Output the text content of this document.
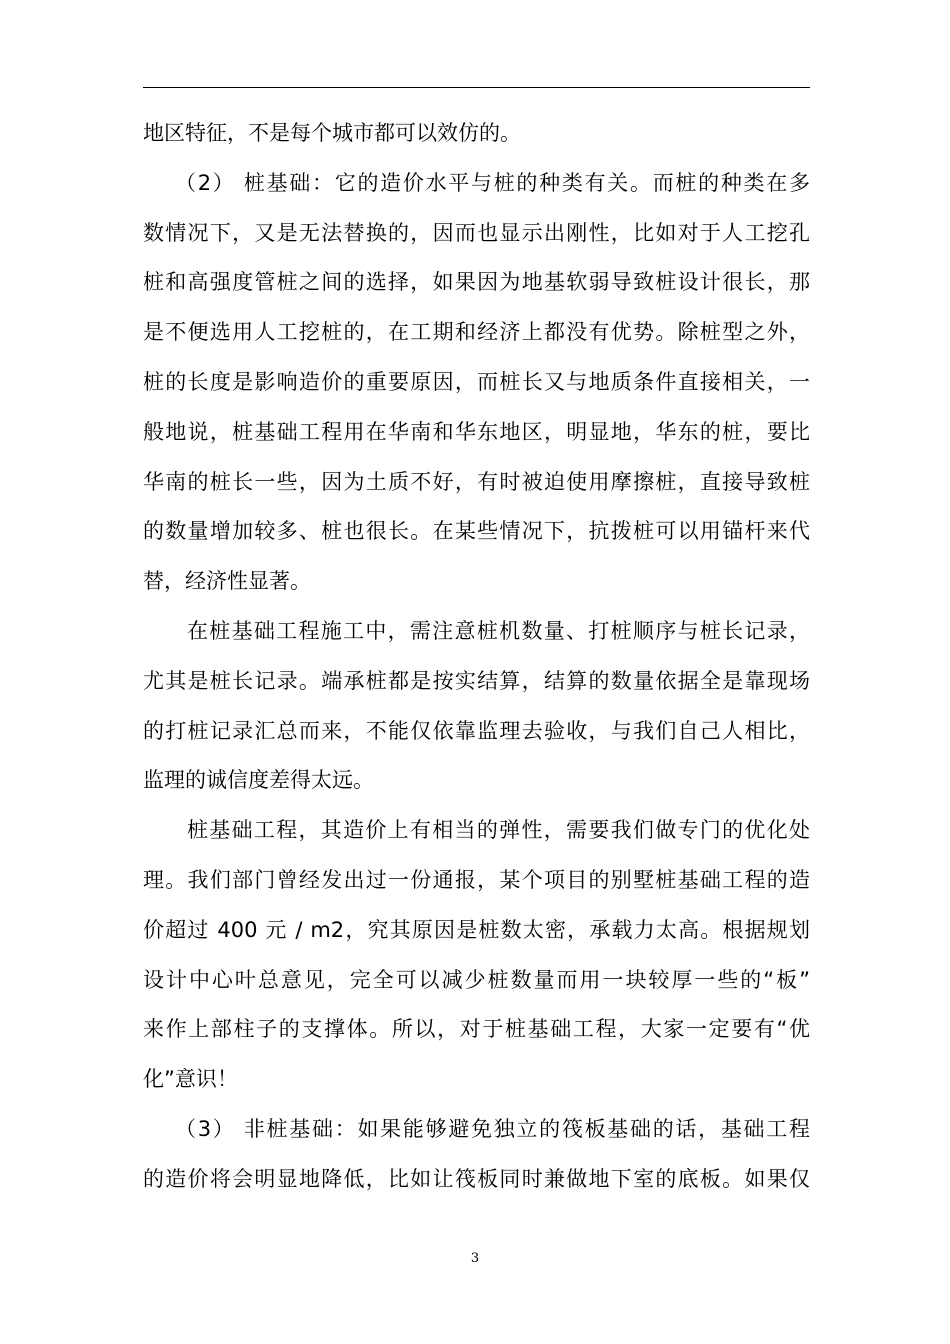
地区特征，不是每个城市都可以效仿的。
（2） 桩基础：它的造价水平与桩的种类有关。而桩的种类在多
数情况下，又是无法替换的，因而也显示出刚性，比如对于人工挖孔
桩和高强度管桩之间的选择，如果因为地基软弱导致桩设计很长，那
是不便选用人工挖桩的，在工期和经济上都没有优势。除桩型之外，
桩的长度是影响造价的重要原因，而桩长又与地质条件直接相关，一
般地说，桩基础工程用在华南和华东地区，明显地，华东的桩，要比
华南的桩长一些，因为土质不好，有时被迫使用摩擦桩，直接导致桩
的数量增加较多、桩也很长。在某些情况下，抗拨桩可以用锚杆来代
替，经济性显著。
在桩基础工程施工中，需注意桩机数量、打桩顺序与桩长记录，
尤其是桩长记录。端承桩都是按实结算，结算的数量依据全是靠现场
的打桩记录汇总而来，不能仅依靠监理去验收，与我们自己人相比，
监理的诚信度差得太远。
桩基础工程，其造价上有相当的弹性，需要我们做专门的优化处
理。我们部门曾经发出过一份通报，某个项目的别墅桩基础工程的造
价超过 400 元 / m2，究其原因是桩数太密，承载力太高。根据规划
设计中心叶总意见，完全可以减少桩数量而用一块较厚一些的“板”
来作上部柱子的支撑体。所以，对于桩基础工程，大家一定要有“优
化”意识！
（3） 非桩基础：如果能够避免独立的筏板基础的话，基础工程
的造价将会明显地降低，比如让筏板同时兼做地下室的底板。如果仅
3
